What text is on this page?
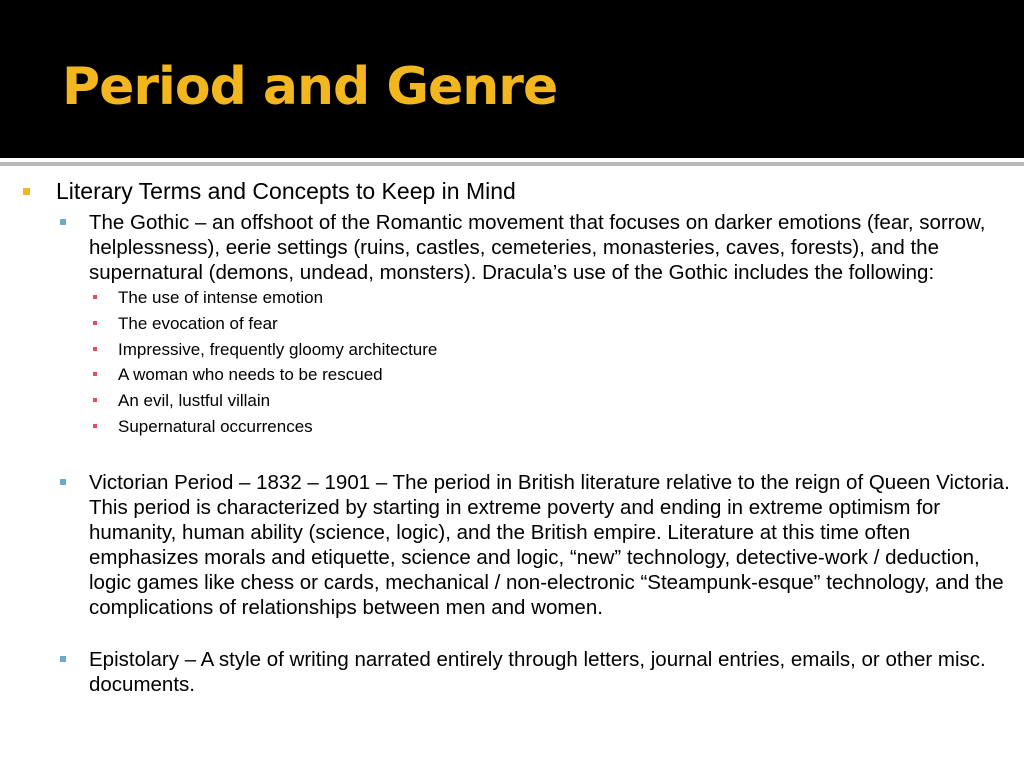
Period and Genre

Literary Terms and Concepts to Keep in Mind

The Gothic – an offshoot of the Romantic movement that focuses on darker emotions (fear, sorrow, helplessness), eerie settings (ruins, castles, cemeteries, monasteries, caves, forests), and the supernatural (demons, undead, monsters). Dracula’s use of the Gothic includes the following:

The use of intense emotion

The evocation of fear

Impressive, frequently gloomy architecture

A woman who needs to be rescued

An evil, lustful villain

Supernatural occurrences

Victorian Period – 1832 – 1901 – The period in British literature relative to the reign of Queen Victoria. This period is characterized by starting in extreme poverty and ending in extreme optimism for humanity, human ability (science, logic), and the British empire. Literature at this time often emphasizes morals and etiquette, science and logic, “new” technology, detective-work / deduction, logic games like chess or cards, mechanical / non-electronic “Steampunk-esque” technology, and the complications of relationships between men and women.

Epistolary – A style of writing narrated entirely through letters, journal entries, emails, or other misc. documents.
